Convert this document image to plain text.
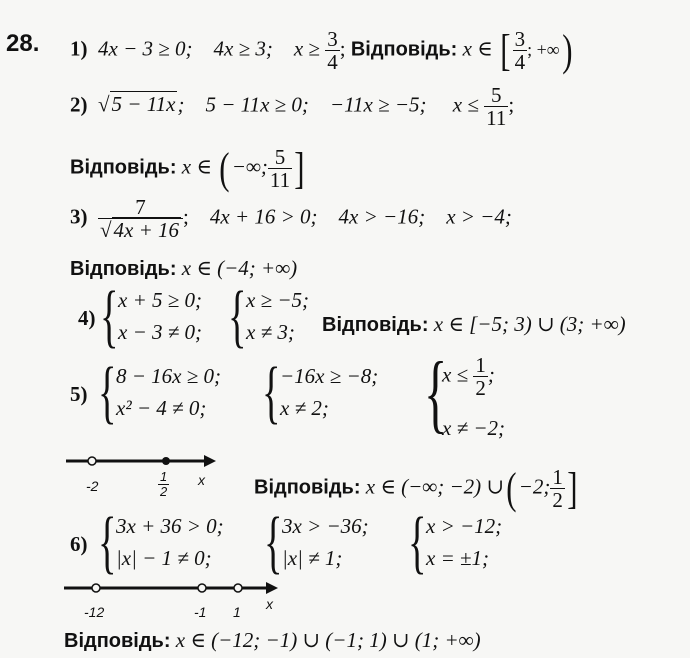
28. 1) 4x − 3 ≥ 0; 4x ≥ 3; $x \ge \frac{3}{4}$ ; Відповідь: x ∈ [ $\frac{3}{4}$ ; +∞)
2) √5 − 11x; 5 − 11x ≥ 0; −11x ≥ −5; $x \le \frac{5}{11}$ ;
Відповідь: x ∈ ( −∞; $\frac{5}{11}$ ]
$3) \frac{7}{√4x + 16}$ ;    4x + 16 > 0; 4x > −16; x > −4;
Відповідь: x ∈ (−4; +∞)
4) { x + 5 ≥ 0;
x − 3 ≠ 0; { x ≥ −5;
x ≠ 3; Відповідь: x ∈ [−5; 3) ∪ (3; +∞)
5) { 8 − 16x ≥ 0;
x² − 4 ≠ 0; { −16x ≥ −8;
x ≠ 2; {
$x \le \frac{1}{2}$ ;
x ≠ −2;
-2	$\frac{1}{2}$ x Відповідь: x ∈ (−∞; −2) ∪( −2; $\frac{1}{2}$ ]
6) { 3x + 36 > 0;
|x| − 1 ≠ 0; { 3x > −36;
|x| ≠ 1; { x > −12;
x = ±1;
-12	-1 1 x
Відповідь: x ∈ (−12; −1) ∪ (−1; 1) ∪ (1; +∞)
